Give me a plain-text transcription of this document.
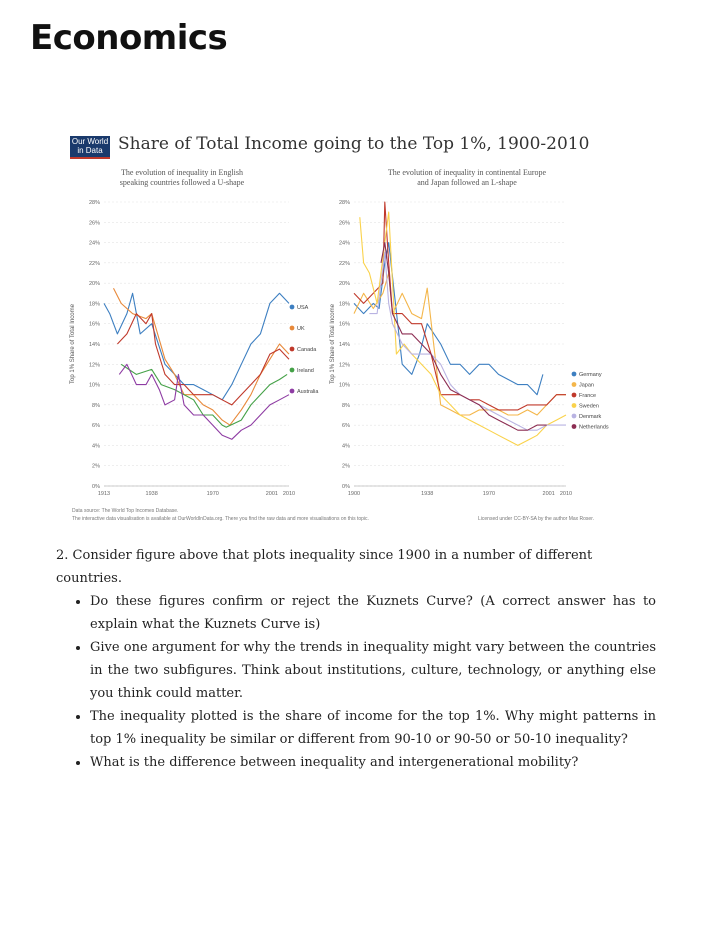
Economics
Our World
in Data Share of Total Income going to the Top 1%, 1900-2010
The evolution of inequality in English
speaking countries followed a U-shape
The evolution of inequality in continental Europe
and Japan followed an L-shape
0%
2%
4%
6%
8%
10%
12%
14%
16%
18%
20%
22%
24%
26%
28%
1913	1938	1970	2001 2010
Top 1% Share of Total Income	USA
UK
Canada
Ireland
Australia
0%
2%
4%
6%
8%
10%
12%
14%
16%
18%
20%
22%
24%
26%
28%
1900	1938	1970	2001 2010
Top 1% Share of Total Income	Germany
Japan
France
Sweden
Denmark
Netherlands
Data source: The World Top Incomes Database.
The interactive data visualisation is available at OurWorldInData.org. There you find the raw data and more visualisations on this topic.	Licensed under CC-BY-SA by the author Max Roser.
2. Consider figure above that plots inequality since 1900 in a number of different countries.
• Do these figures confirm or reject the Kuznets Curve? (A correct answer has to explain what the Kuznets Curve is)
• Give one argument for why the trends in inequality might vary between the countries in the two subfigures. Think about institutions, culture, technology, or anything else you think could matter.
• The inequality plotted is the share of income for the top 1%. Why might patterns in top 1% inequality be similar or different from 90-10 or 90-50 or 50-10 inequality?
• What is the difference between inequality and intergenerational mobility?
